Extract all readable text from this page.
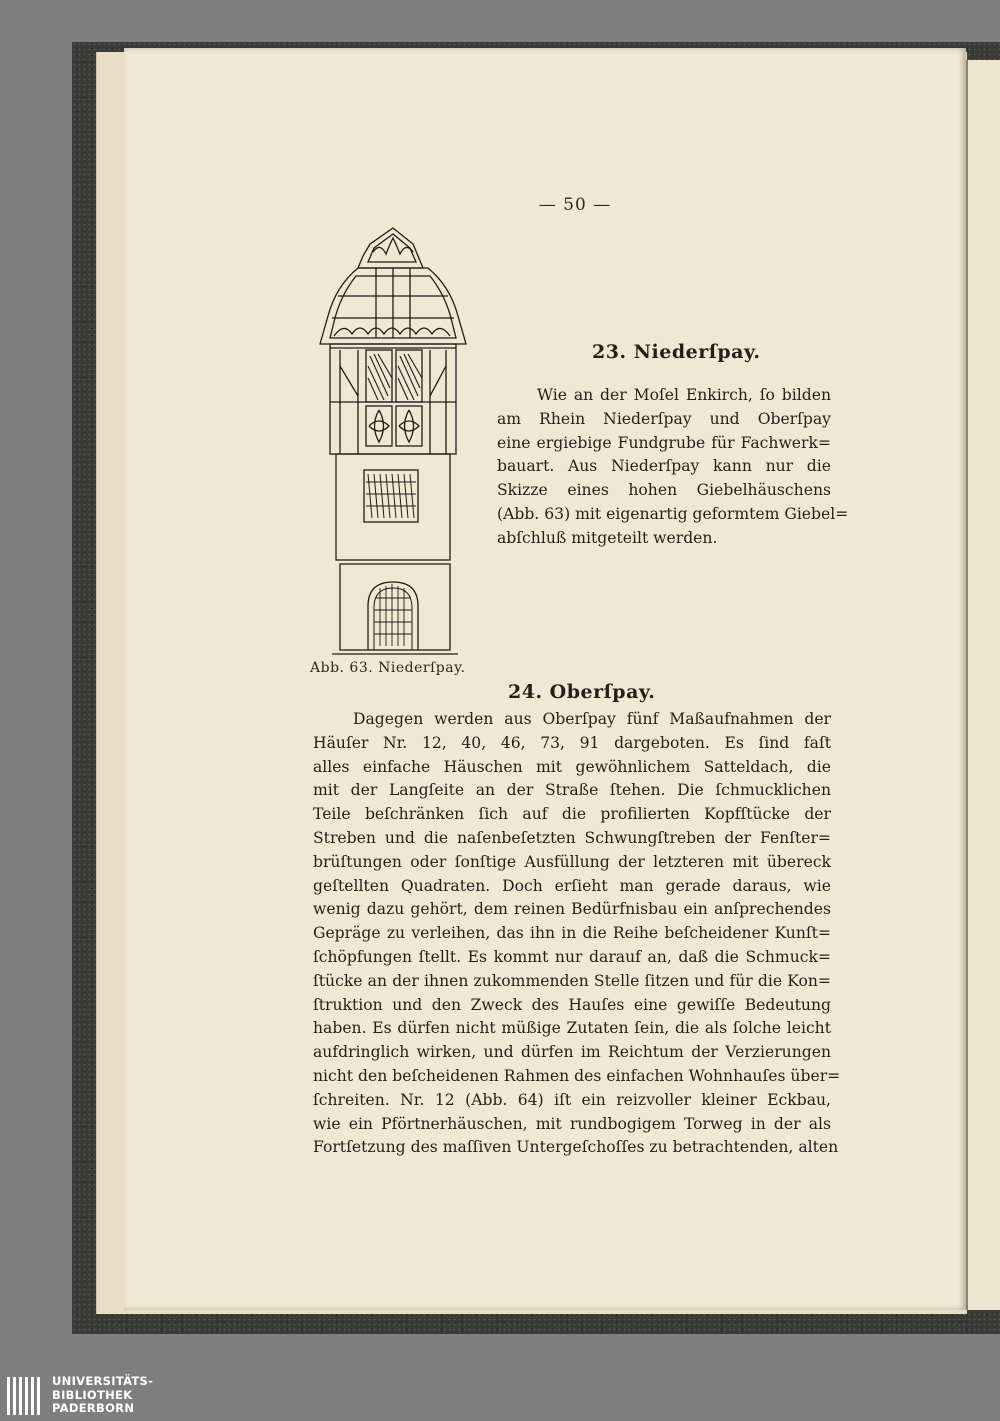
— 50 —
Abb. 63. Niederſpay.
23. Niederſpay.
Wie an der Moſel Enkirch, ſo bilden
am Rhein Niederſpay und Oberſpay
eine ergiebige Fundgrube für Fachwerk=
bauart. Aus Niederſpay kann nur die
Skizze eines hohen Giebelhäuschens
(Abb. 63) mit eigenartig geformtem Giebel=
abſchluß mitgeteilt werden.
24. Oberſpay.
Dagegen werden aus Oberſpay fünf Maßaufnahmen der
Häuſer Nr. 12, 40, 46, 73, 91 dargeboten. Es ſind faſt
alles einfache Häuschen mit gewöhnlichem Satteldach, die
mit der Langſeite an der Straße ſtehen. Die ſchmucklichen
Teile beſchränken ſich auf die profilierten Kopfſtücke der
Streben und die naſenbeſetzten Schwungſtreben der Fenſter=
brüſtungen oder ſonſtige Ausfüllung der letzteren mit übereck
geſtellten Quadraten. Doch erſieht man gerade daraus, wie
wenig dazu gehört, dem reinen Bedürfnisbau ein anſprechendes
Gepräge zu verleihen, das ihn in die Reihe beſcheidener Kunſt=
ſchöpfungen ſtellt. Es kommt nur darauf an, daß die Schmuck=
ſtücke an der ihnen zukommenden Stelle ſitzen und für die Kon=
ſtruktion und den Zweck des Hauſes eine gewiſſe Bedeutung
haben. Es dürfen nicht müßige Zutaten ſein, die als ſolche leicht
aufdringlich wirken, und dürfen im Reichtum der Verzierungen
nicht den beſcheidenen Rahmen des einfachen Wohnhauſes über=
ſchreiten. Nr. 12 (Abb. 64) iſt ein reizvoller kleiner Eckbau,
wie ein Pförtnerhäuschen, mit rundbogigem Torweg in der als
Fortſetzung des maſſiven Untergeſchoſſes zu betrachtenden, alten
UNIVERSITÄTS-
BIBLIOTHEK
PADERBORN
